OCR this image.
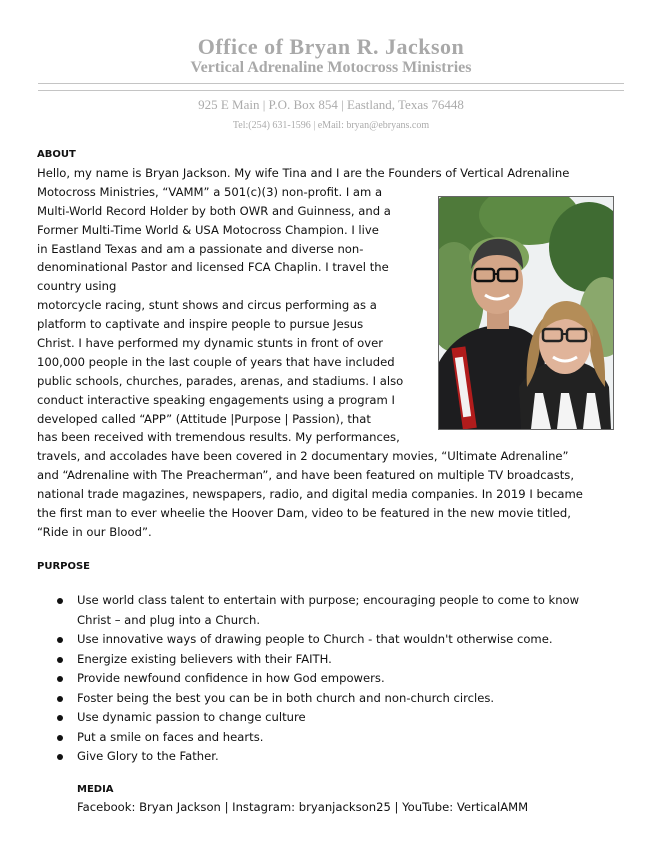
Office of Bryan R. Jackson
Vertical Adrenaline Motocross Ministries
925 E Main | P.O. Box 854 | Eastland, Texas 76448
Tel:(254) 631-1596 | eMail: bryan@ebryans.com
ABOUT
Hello, my name is Bryan Jackson. My wife Tina and I are the Founders of Vertical Adrenaline
Motocross Ministries, “VAMM” a 501(c)(3) non-profit. I am a
Multi-World Record Holder by both OWR and Guinness, and a
Former Multi-Time World & USA Motocross Champion. I live
in Eastland Texas and am a passionate and diverse non-
denominational Pastor and licensed FCA Chaplin. I travel the
country using
motorcycle racing, stunt shows and circus performing as a
platform to captivate and inspire people to pursue Jesus
Christ. I have performed my dynamic stunts in front of over
100,000 people in the last couple of years that have included
public schools, churches, parades, arenas, and stadiums. I also
conduct interactive speaking engagements using a program I
developed called “APP” (Attitude |Purpose | Passion), that
has been received with tremendous results. My performances,
travels, and accolades have been covered in 2 documentary movies, “Ultimate Adrenaline”
and “Adrenaline with The Preacherman”, and have been featured on multiple TV broadcasts,
national trade magazines, newspapers, radio, and digital media companies. In 2019 I became
the first man to ever wheelie the Hoover Dam, video to be featured in the new movie titled,
“Ride in our Blood”.
PURPOSE
Use world class talent to entertain with purpose; encouraging people to come to know
Christ – and plug into a Church.
Use innovative ways of drawing people to Church - that wouldn't otherwise come.
Energize existing believers with their FAITH.
Provide newfound confidence in how God empowers.
Foster being the best you can be in both church and non-church circles.
Use dynamic passion to change culture
Put a smile on faces and hearts.
Give Glory to the Father.
MEDIA
Facebook: Bryan Jackson | Instagram: bryanjackson25 | YouTube: VerticalAMM
